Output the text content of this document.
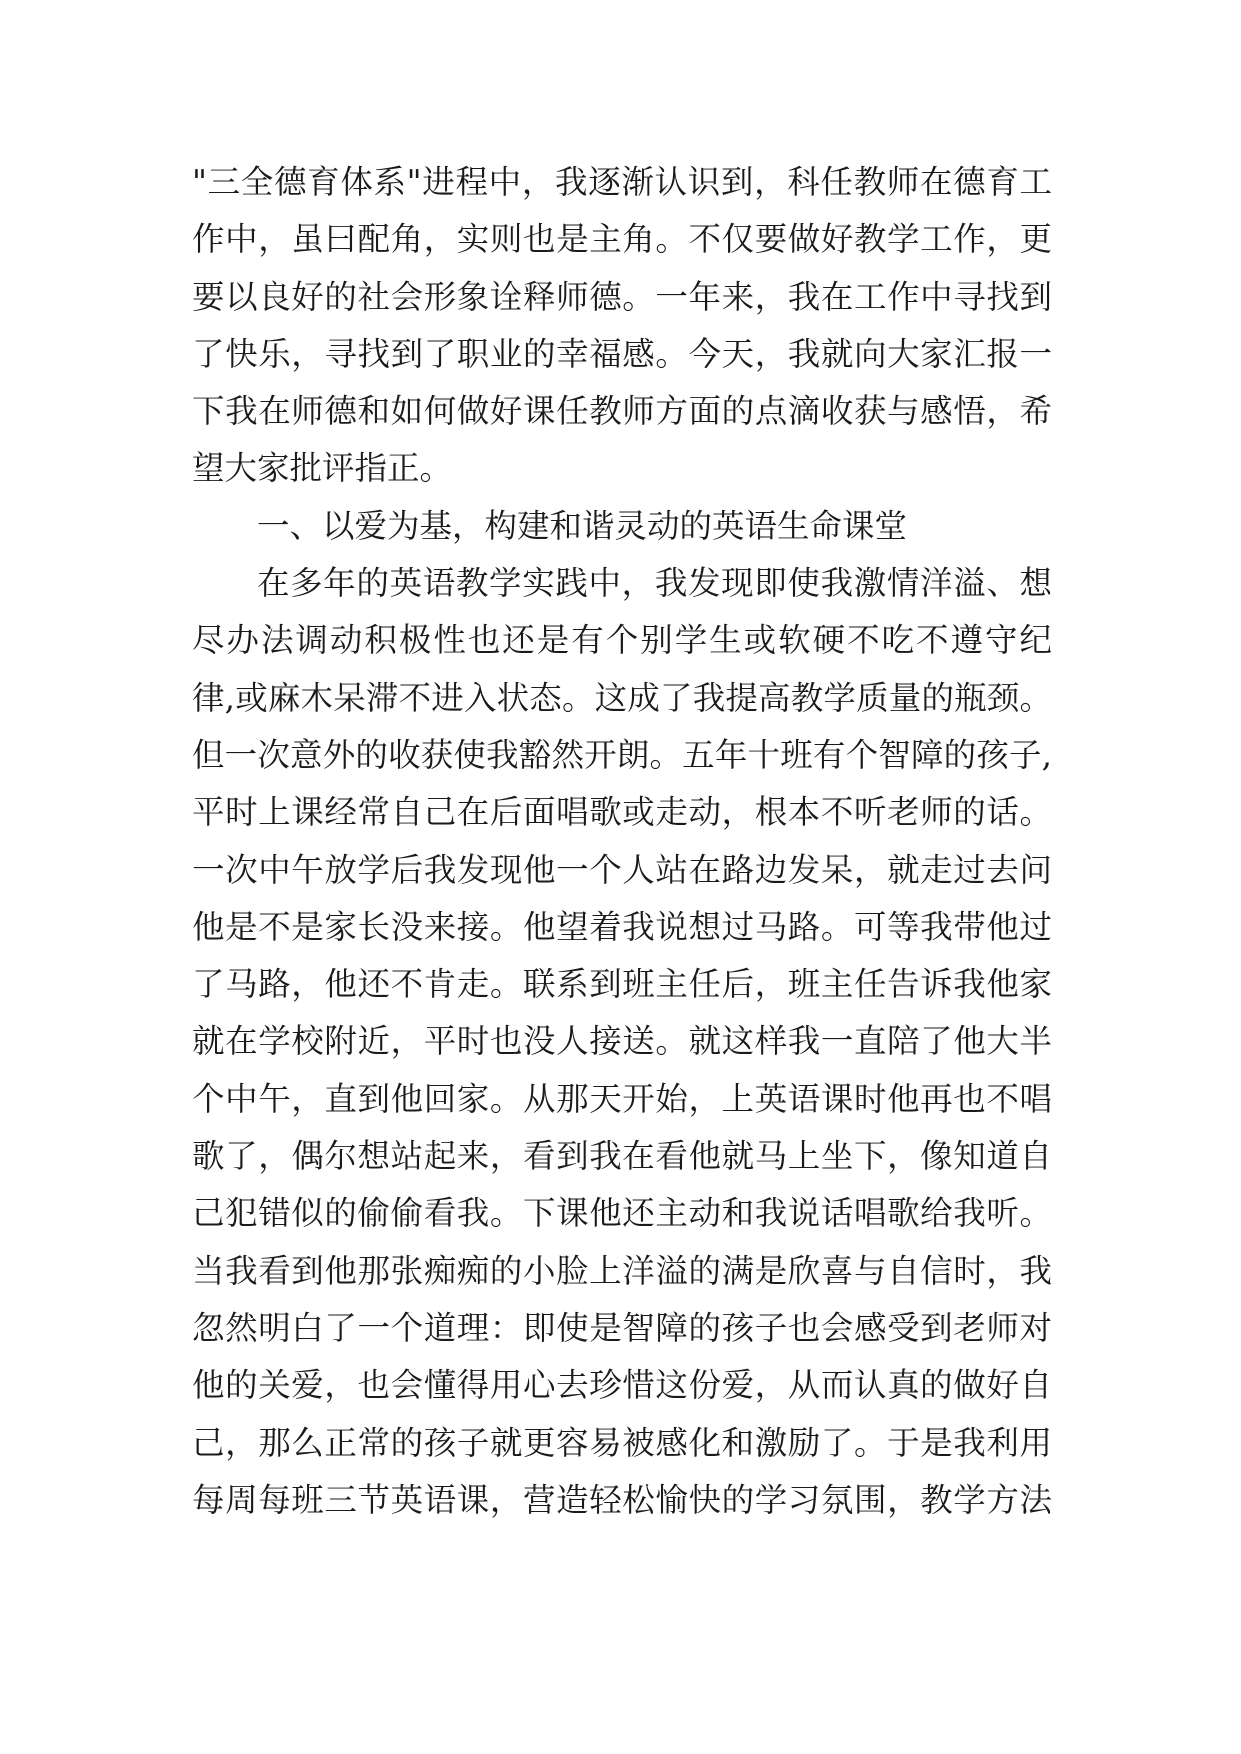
"三全德育体系"进程中，我逐渐认识到，科任教师在德育工
作中，虽曰配角，实则也是主角。不仅要做好教学工作，更
要以良好的社会形象诠释师德。一年来，我在工作中寻找到
了快乐，寻找到了职业的幸福感。今天，我就向大家汇报一
下我在师德和如何做好课任教师方面的点滴收获与感悟，希
望大家批评指正。
一、以爱为基，构建和谐灵动的英语生命课堂
在多年的英语教学实践中，我发现即使我激情洋溢、想
尽办法调动积极性也还是有个别学生或软硬不吃不遵守纪
律,或麻木呆滞不进入状态。这成了我提高教学质量的瓶颈。
但一次意外的收获使我豁然开朗。五年十班有个智障的孩子,
平时上课经常自己在后面唱歌或走动，根本不听老师的话。
一次中午放学后我发现他一个人站在路边发呆，就走过去问
他是不是家长没来接。他望着我说想过马路。可等我带他过
了马路，他还不肯走。联系到班主任后，班主任告诉我他家
就在学校附近，平时也没人接送。就这样我一直陪了他大半
个中午，直到他回家。从那天开始，上英语课时他再也不唱
歌了，偶尔想站起来，看到我在看他就马上坐下，像知道自
己犯错似的偷偷看我。下课他还主动和我说话唱歌给我听。
当我看到他那张痴痴的小脸上洋溢的满是欣喜与自信时，我
忽然明白了一个道理：即使是智障的孩子也会感受到老师对
他的关爱，也会懂得用心去珍惜这份爱，从而认真的做好自
己，那么正常的孩子就更容易被感化和激励了。于是我利用
每周每班三节英语课，营造轻松愉快的学习氛围，教学方法
